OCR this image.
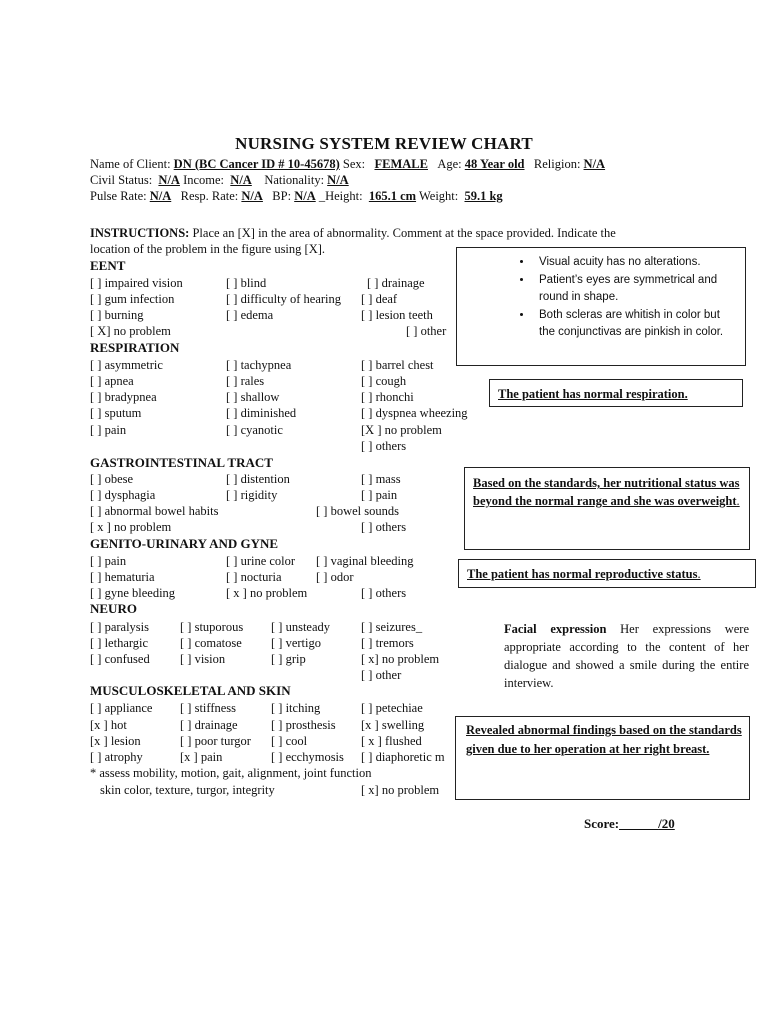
NURSING SYSTEM REVIEW CHART
Name of Client: DN (BC Cancer ID # 10-45678) Sex: FEMALE Age: 48 Year old Religion: N/A
Civil Status: N/A Income: N/A Nationality: N/A
Pulse Rate: N/A Resp. Rate: N/A BP: N/A _Height: 165.1 cm Weight: 59.1 kg
INSTRUCTIONS: Place an [X] in the area of abnormality. Comment at the space provided. Indicate the
location of the problem in the figure using [X].
EENT
[ ] impaired vision	[ ] blind	[ ] drainage
[ ] gum infection	[ ] difficulty of hearing [ ] deaf
[ ] burning	[ ] edema	[ ] lesion teeth
[ X] no problem	[ ] other
RESPIRATION
[ ] asymmetric	[ ] tachypnea	[ ] barrel chest
[ ] apnea	[ ] rales	[ ] cough
[ ] bradypnea	[ ] shallow	[ ] rhonchi
[ ] sputum	[ ] diminished	[ ] dyspnea wheezing
[ ] pain	[ ] cyanotic	[X ] no problem
[ ] others
GASTROINTESTINAL TRACT
[ ] obese	[ ] distention	[ ] mass
[ ] dysphagia	[ ] rigidity	[ ] pain
[ ] abnormal bowel habits	[ ] bowel sounds
[ x ] no problem	[ ] others
GENITO-URINARY AND GYNE
[ ] pain	[ ] urine color [ ] vaginal bleeding
[ ] hematuria	[ ] nocturia	[ ] odor
[ ] gyne bleeding	[ x ] no problem	[ ] others
NEURO
[ ] paralysis [ ] stuporous [ ] unsteady [ ] seizures_
[ ] lethargic	[ ] comatose [ ] vertigo	[ ] tremors
[ ] confused [ ] vision	[ ] grip	[ x] no problem
[ ] other
MUSCULOSKELETAL AND SKIN
[ ] appliance [ ] stiffness	[ ] itching	[ ] petechiae
[x ] hot	[ ] drainage	[ ] prosthesis [x ] swelling
[x ] lesion	[ ] poor turgor [ ] cool	[ x ] flushed
[ ] atrophy	[x ] pain	[ ] ecchymosis [ ] diaphoretic m
* assess mobility, motion, gait, alignment, joint function
skin color, texture, turgor, integrity	[ x] no problem
• Visual acuity has no alterations.
• Patient’s eyes are symmetrical and round in shape.
• Both scleras are whitish in color but the conjunctivas are pinkish in color.
The patient has normal respiration.
Based on the standards, her nutritional status was beyond the normal range and she was overweight.
The patient has normal reproductive status.
Facial expression Her expressions were appropriate according to the content of her dialogue and showed a smile during the entire interview.
Revealed abnormal findings based on the standards given due to her operation at her right breast.
Score:______/20
